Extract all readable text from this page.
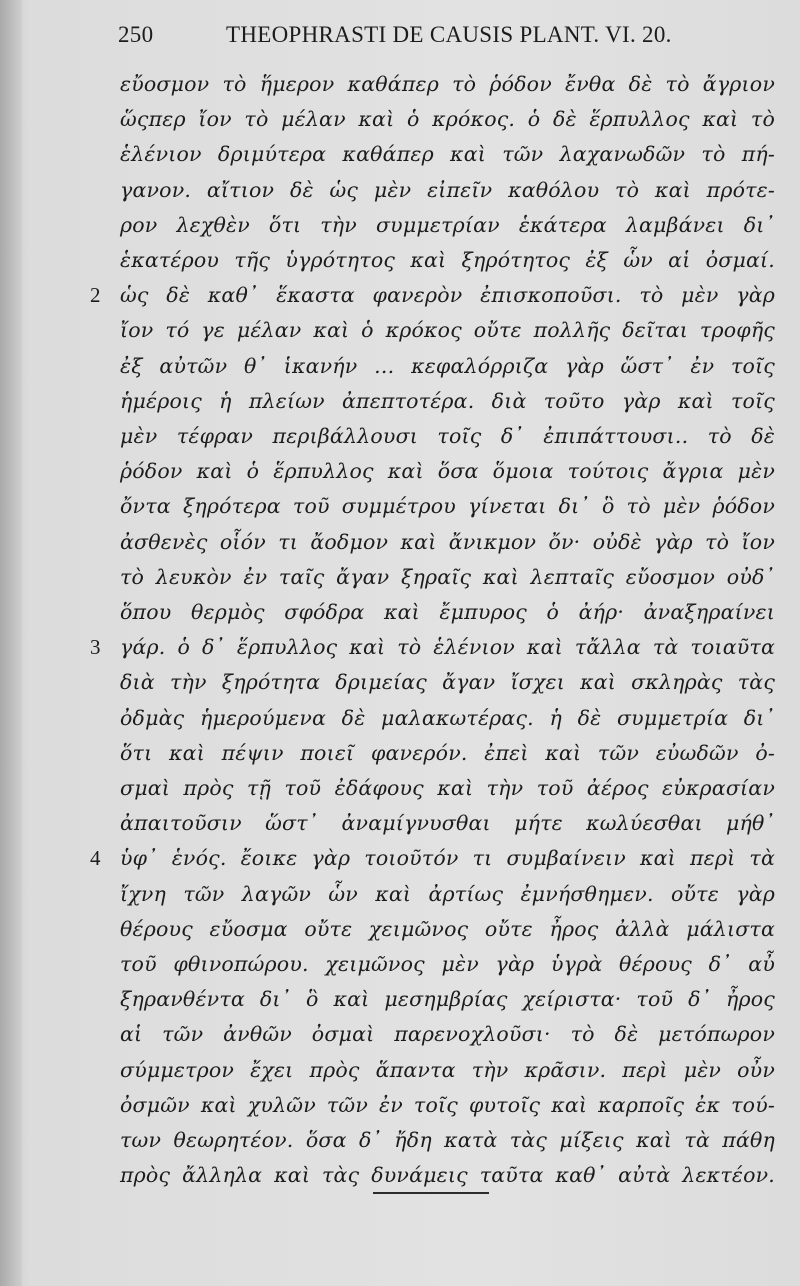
250	THEOPHRASTI DE CAUSIS PLANT. VI. 20.
εὔοσμον τὸ ἥμερον καθάπερ τὸ ῥόδον ἔνθα δὲ τὸ ἄγριον
ὥςπερ ἴον τὸ μέλαν καὶ ὁ κρόκος. ὁ δὲ ἕρπυλλος καὶ τὸ
ἑλένιον δριμύτερα καθάπερ καὶ τῶν λαχανωδῶν τὸ πή-
γανον. αἴτιον δὲ ὡς μὲν εἰπεῖν καθόλου τὸ καὶ πρότε-
ρον λεχθὲν ὅτι τὴν συμμετρίαν ἑκάτερα λαμβάνει δι᾽
ἑκατέρου τῆς ὑγρότητος καὶ ξηρότητος ἐξ ὧν αἱ ὀσμαί.
2 ὡς δὲ καθ᾽ ἕκαστα φανερὸν ἐπισκοποῦσι. τὸ μὲν γὰρ
ἴον τό γε μέλαν καὶ ὁ κρόκος οὔτε πολλῆς δεῖται τροφῆς
ἐξ αὐτῶν θ᾽ ἱκανήν ... κεφαλόρριζα γὰρ ὥστ᾽ ἐν τοῖς
ἡμέροις ἡ πλείων ἀπεπτοτέρα. διὰ τοῦτο γὰρ καὶ τοῖς
μὲν τέφραν περιβάλλουσι τοῖς δ᾽ ἐπιπάττουσι.. τὸ δὲ
ῥόδον καὶ ὁ ἕρπυλλος καὶ ὅσα ὅμοια τούτοις ἄγρια μὲν
ὄντα ξηρότερα τοῦ συμμέτρου γίνεται δι᾽ ὃ τὸ μὲν ῥόδον
ἀσθενὲς οἷόν τι ἄοδμον καὶ ἄνικμον ὄν· οὐδὲ γὰρ τὸ ἴον
τὸ λευκὸν ἐν ταῖς ἄγαν ξηραῖς καὶ λεπταῖς εὔοσμον οὐδ᾽
ὅπου θερμὸς σφόδρα καὶ ἔμπυρος ὁ ἀήρ· ἀναξηραίνει
3 γάρ. ὁ δ᾽ ἕρπυλλος καὶ τὸ ἑλένιον καὶ τἄλλα τὰ τοιαῦτα
διὰ τὴν ξηρότητα δριμείας ἄγαν ἴσχει καὶ σκληρὰς τὰς
ὀδμὰς ἡμερούμενα δὲ μαλακωτέρας. ἡ δὲ συμμετρία δι᾽
ὅτι καὶ πέψιν ποιεῖ φανερόν. ἐπεὶ καὶ τῶν εὐωδῶν ὀ-
σμαὶ πρὸς τῇ τοῦ ἐδάφους καὶ τὴν τοῦ ἀέρος εὐκρασίαν
ἀπαιτοῦσιν ὥστ᾽ ἀναμίγνυσθαι μήτε κωλύεσθαι μήθ᾽
4 ὑφ᾽ ἑνός. ἔοικε γὰρ τοιοῦτόν τι συμβαίνειν καὶ περὶ τὰ
ἴχνη τῶν λαγῶν ὧν καὶ ἀρτίως ἐμνήσθημεν. οὔτε γὰρ
θέρους εὔοσμα οὔτε χειμῶνος οὔτε ἦρος ἀλλὰ μάλιστα
τοῦ φθινοπώρου. χειμῶνος μὲν γὰρ ὑγρὰ θέρους δ᾽ αὖ
ξηρανθέντα δι᾽ ὃ καὶ μεσημβρίας χείριστα· τοῦ δ᾽ ἦρος
αἱ τῶν ἀνθῶν ὀσμαὶ παρενοχλοῦσι· τὸ δὲ μετόπωρον
σύμμετρον ἔχει πρὸς ἅπαντα τὴν κρᾶσιν. περὶ μὲν οὖν
ὀσμῶν καὶ χυλῶν τῶν ἐν τοῖς φυτοῖς καὶ καρποῖς ἐκ τού-
των θεωρητέον. ὅσα δ᾽ ἤδη κατὰ τὰς μίξεις καὶ τὰ πάθη
πρὸς ἄλληλα καὶ τὰς δυνάμεις ταῦτα καθ᾽ αὐτὰ λεκτέον.
